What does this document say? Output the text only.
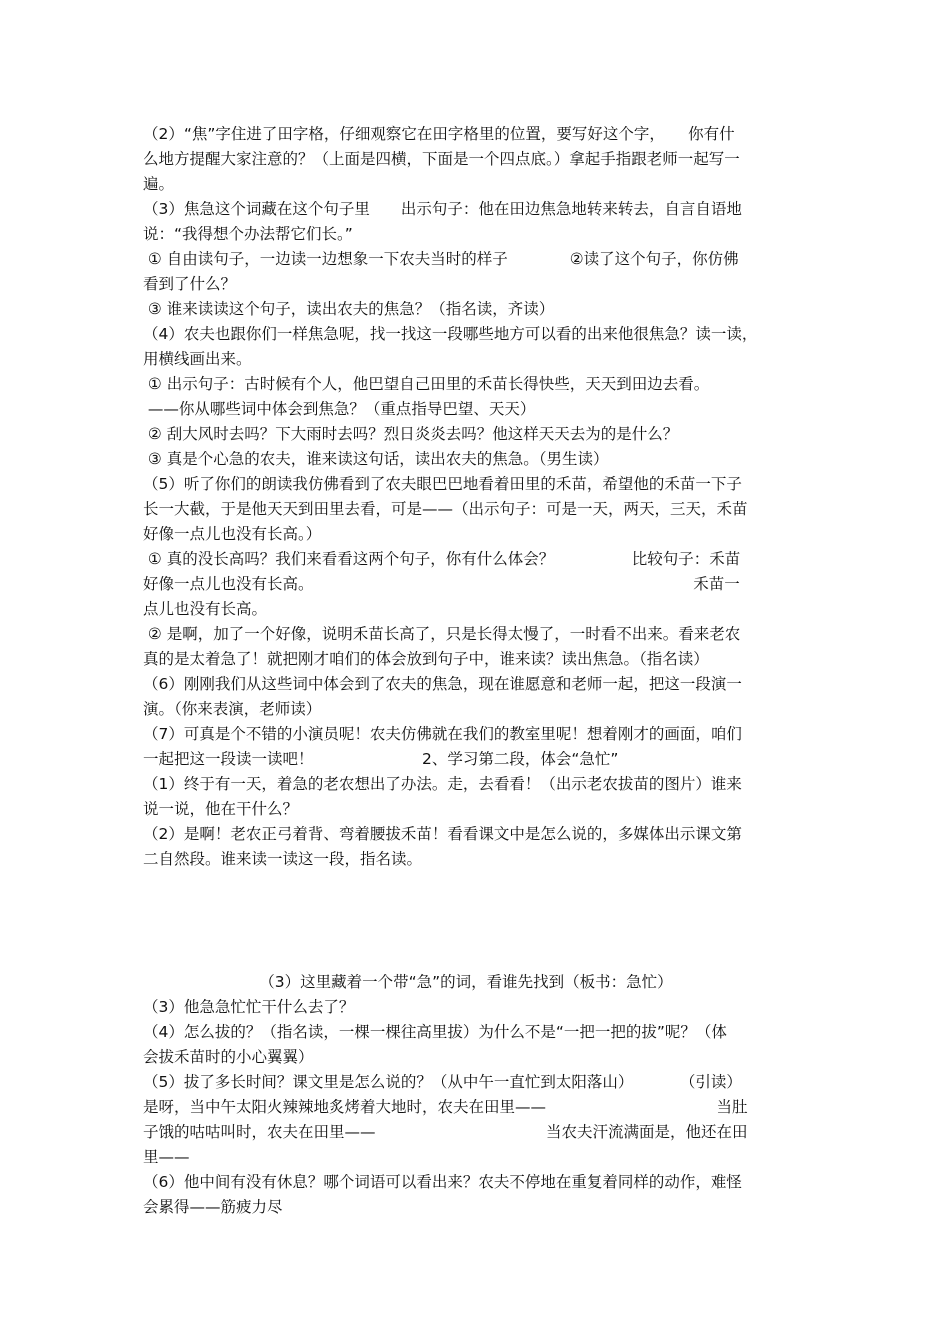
（2）“焦”字住进了田字格，仔细观察它在田字格里的位置，要写好这个字，　　你有什

么地方提醒大家注意的？（上面是四横，下面是一个四点底。）拿起手指跟老师一起写一

遍。

（3）焦急这个词藏在这个句子里　　出示句子：他在田边焦急地转来转去，自言自语地

说：“我得想个办法帮它们长。”

① 自由读句子，一边读一边想象一下农夫当时的样子　　　　②读了这个句子，你仿佛

看到了什么？

③ 谁来读读这个句子，读出农夫的焦急？（指名读，齐读）

（4）农夫也跟你们一样焦急呢，找一找这一段哪些地方可以看的出来他很焦急？读一读，

用横线画出来。

① 出示句子：古时候有个人，他巴望自己田里的禾苗长得快些，天天到田边去看。

——你从哪些词中体会到焦急？（重点指导巴望、天天）

② 刮大风时去吗？下大雨时去吗？烈日炎炎去吗？他这样天天去为的是什么？

③ 真是个心急的农夫，谁来读这句话，读出农夫的焦急。（男生读）

（5）听了你们的朗读我仿佛看到了农夫眼巴巴地看着田里的禾苗，希望他的禾苗一下子

长一大截，于是他天天到田里去看，可是——（出示句子：可是一天，两天，三天，禾苗

好像一点儿也没有长高。）

① 真的没长高吗？我们来看看这两个句子，你有什么体会？　　　　　比较句子：禾苗

好像一点儿也没有长高。　　　　　　　　　　　　　　　　　　　　　　　　　禾苗一

点儿也没有长高。

② 是啊，加了一个好像，说明禾苗长高了，只是长得太慢了，一时看不出来。看来老农

真的是太着急了！就把刚才咱们的体会放到句子中，谁来读？读出焦急。（指名读）

（6）刚刚我们从这些词中体会到了农夫的焦急，现在谁愿意和老师一起，把这一段演一

演。（你来表演，老师读）

（7）可真是个不错的小演员呢！农夫仿佛就在我们的教室里呢！想着刚才的画面，咱们

一起把这一段读一读吧！　　　　　　　2、学习第二段，体会“急忙”

（1）终于有一天，着急的老农想出了办法。走，去看看！（出示老农拔苗的图片）谁来

说一说，他在干什么？

（2）是啊！老农正弓着背、弯着腰拔禾苗！看看课文中是怎么说的，多媒体出示课文第

二自然段。谁来读一读这一段，指名读。

　　　　　　　　（3）这里藏着一个带“急”的词，看谁先找到（板书：急忙）

（3）他急急忙忙干什么去了？

（4）怎么拔的？（指名读，一棵一棵往高里拔）为什么不是“一把一把的拔”呢？（体

会拔禾苗时的小心翼翼）

（5）拔了多长时间？课文里是怎么说的？（从中午一直忙到太阳落山）　　　　（引读）

是呀，当中午太阳火辣辣地炙烤着大地时，农夫在田里——　　　　　　　　　　　当肚

子饿的咕咕叫时，农夫在田里——　　　　　　　　　　　当农夫汗流满面是，他还在田

里——

（6）他中间有没有休息？哪个词语可以看出来？农夫不停地在重复着同样的动作，难怪

会累得——筋疲力尽
